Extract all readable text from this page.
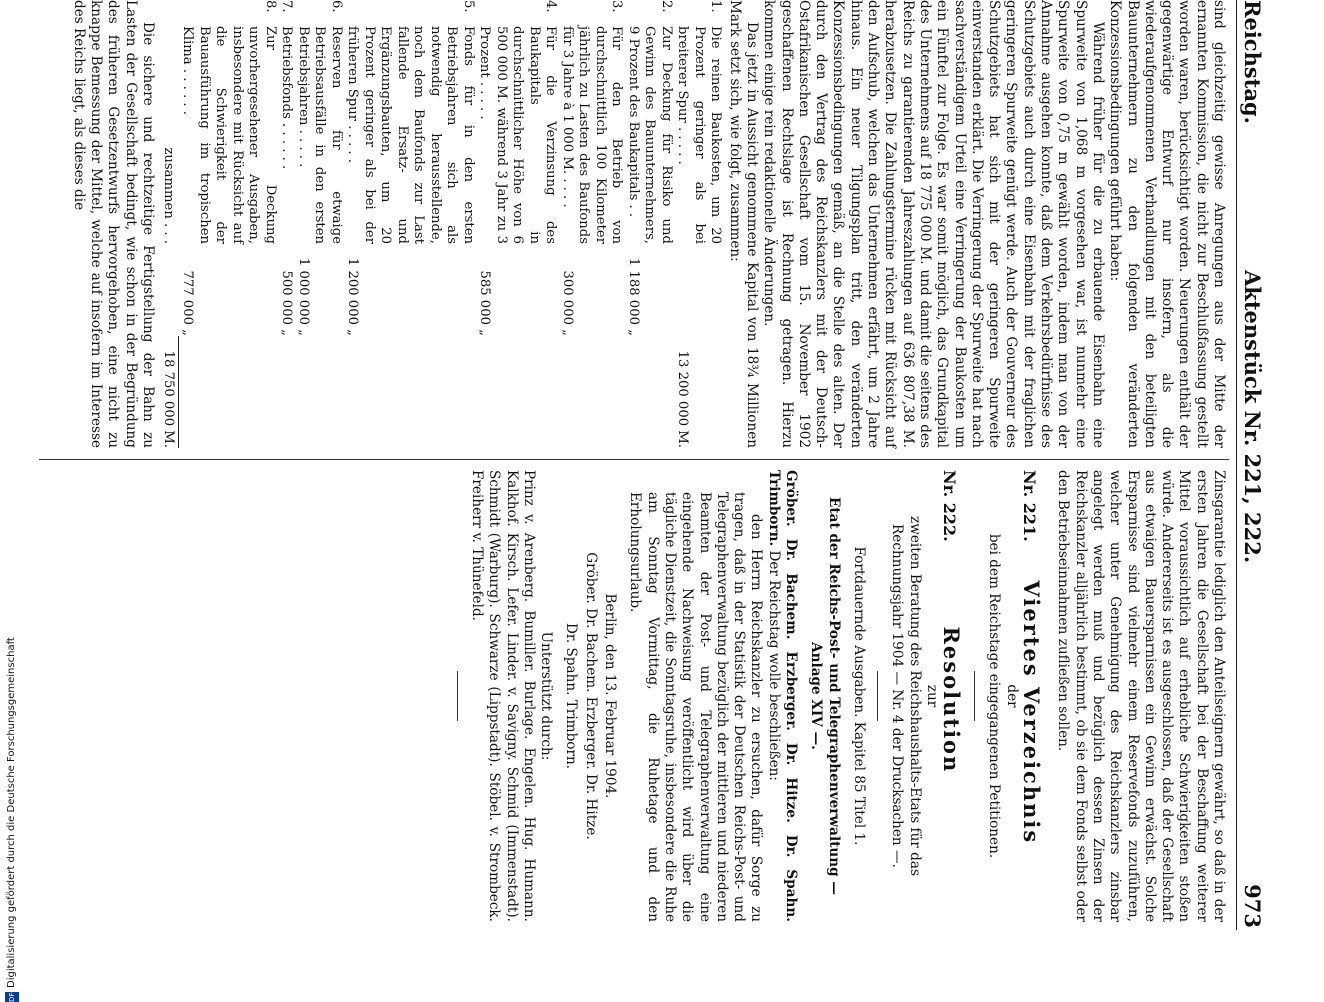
Reichstag.
Aktenstück Nr. 221, 222.
973

sind gleichzeitig gewisse Anregungen aus der Mitte der ernannten Kommission, die nicht zur Beschlußfassung gestellt worden waren, berücksichtigt worden. Neuerungen enthält der gegenwärtige Entwurf nur insofern, als die wiederaufgenommenen Verhandlungen mit den beteiligten Bauunternehmern zu den folgenden veränderten Konzessionsbedingungen geführt haben:

Während früher für die zu erbauende Eisenbahn eine Spurweite von 1,068 m vorgesehen war, ist nunmehr eine Spurweite von 0,75 m gewählt worden, indem man von der Annahme ausgehen konnte, daß dem Verkehrsbedürfnisse des Schutzgebiets auch durch eine Eisenbahn mit der fraglichen geringeren Spurweite genügt werde. Auch der Gouverneur des Schutzgebiets hat sich mit der geringeren Spurweite einverstanden erklärt. Die Verringerung der Spurweite hat nach sachverständigem Urteil eine Verringerung der Baukosten um ein Fünftel zur Folge. Es war somit möglich, das Grundkapital des Unternehmens auf 18 775 000 M. und damit die seitens des Reichs zu garantierenden Jahreszahlungen auf 636 807,38 M. herabzusetzen. Die Zahlungstermine rücken mit Rücksicht auf den Aufschub, welchen das Unternehmen erfährt, um 2 Jahre hinaus. Ein neuer Tilgungsplan tritt, den veränderten Konzessionsbedingungen gemäß, an die Stelle des alten. Der durch den Vertrag des Reichskanzlers mit der Deutsch-Ostafrikanischen Gesellschaft vom 15. November 1902 geschaffenen Rechtslage ist Rechnung getragen. Hierzu kommen einige rein redaktionelle Änderungen.

Das jetzt in Aussicht genommene Kapital von 18¾ Millionen Mark setzt sich, wie folgt, zusammen:

1.	Die reinen Baukosten, um 20 Prozent geringer als bei breiterer Spur . . . . .		13 200 000 M.
2.	Zur Deckung für Risiko und Gewinn des Bauunternehmers, 9 Prozent des Baukapitals . .	1 188 000 „	
3.	Für den Betrieb von durchschnittlich 100 Kilometer jährlich zu Lasten des Baufonds für 3 Jahre à 1 000 M. . . . .	300 000 „	
4.	Für die Verzinsung des Baukapitals in durchschnittlicher Höhe von 6 500 000 M. während 3 Jahr zu 3 Prozent . . . . .	585 000 „	
5.	Fonds für in den ersten Betriebsjahren sich als notwendig herausstellende, noch dem Baufonds zur Last fallende Ersatz- und Ergänzungsbauten, um 20 Prozent geringer als bei der früheren Spur . . . . .	1 200 000 „	
6.	Reserven für etwaige Betriebsausfälle in den ersten Betriebsjahren . . . . .	1 000 000 „	
7.	Betriebsfonds . . . . . .	500 000 „	
8.	Zur Deckung unvorhergesehener Ausgaben, insbesondere mit Rücksicht auf die Schwierigkeit der Bauausführung im tropischen Klima . . . . . .	777 000 „	
	zusammen . . .		18 750 000 M.

Die sichere und rechtzeitige Fertigstellung der Bahn zu Lasten der Gesellschaft bedingt, wie schon in der Begründung des früheren Gesetzentwurfs hervorgehoben, eine nicht zu knappe Bemessung der Mittel, welche auf insofern im Interesse des Reichs liegt, als dieses die

Zinsgarantie lediglich den Anteilseignern gewährt, so daß in der ersten Jahren die Gesellschaft bei der Beschaffung weiterer Mittel voraussichtlich auf erhebliche Schwierigkeiten stoßen würde. Andererseits ist es ausgeschlossen, daß der Gesellschaft aus etwaigen Bauersparnissen ein Gewinn erwächst. Solche Ersparnisse sind vielmehr einem Reservefonds zuzuführen, welcher unter Genehmigung des Reichskanzlers zinsbar angelegt werden muß und bezüglich dessen Zinsen der Reichskanzler alljährlich bestimmt, ob sie dem Fonds selbst oder den Betriebseinnahmen zufließen sollen.

Nr. 221. Viertes Verzeichnis
der
bei dem Reichstage eingegangenen Petitionen.
Nr. 222. Resolution
zur
zweiten Beratung des Reichshaushalts-Etats für das Rechnungsjahr 1904 — Nr. 4 der Drucksachen —.
Fortdauernde Ausgaben. Kapitel 85 Titel 1.
Etat der Reichs-Post- und Telegraphenverwaltung — Anlage XIV —.

Gröber. Dr. Bachem. Erzberger. Dr. Hitze. Dr. Spahn. Trimborn. Der Reichstag wolle beschließen:

den Herrn Reichskanzler zu ersuchen, dafür Sorge zu tragen, daß in der Statistik der Deutschen Reichs-Post- und Telegraphenverwaltung bezüglich der mittleren und niederen Beamten der Post- und Telegraphenverwaltung eine eingehende Nachweisung veröffentlicht wird über die tägliche Dienstzeit, die Sonntagsruhe, insbesondere die Ruhe am Sonntag Vormittag, die Ruhetage und den Erholungsurlaub.

Berlin, den 13. Februar 1904.
Gröber. Dr. Bachem. Erzberger. Dr. Hitze.
Dr. Spahn. Trimborn.
Unterstützt durch:

Prinz v. Arenberg. Bumiller. Burlage. Engelen. Hug. Humann. Kalkhof. Kirsch. Lefer. Linder. v. Savigny. Schmid (Immenstadt). Schmidt (Warburg). Schwarze (Lippstadt). Stöbel. v. Strombeck. Freiherr v. Thünefeld.

Digitalisierung gefördert durch die Deutsche Forschungsgemeinschaft
DFG
